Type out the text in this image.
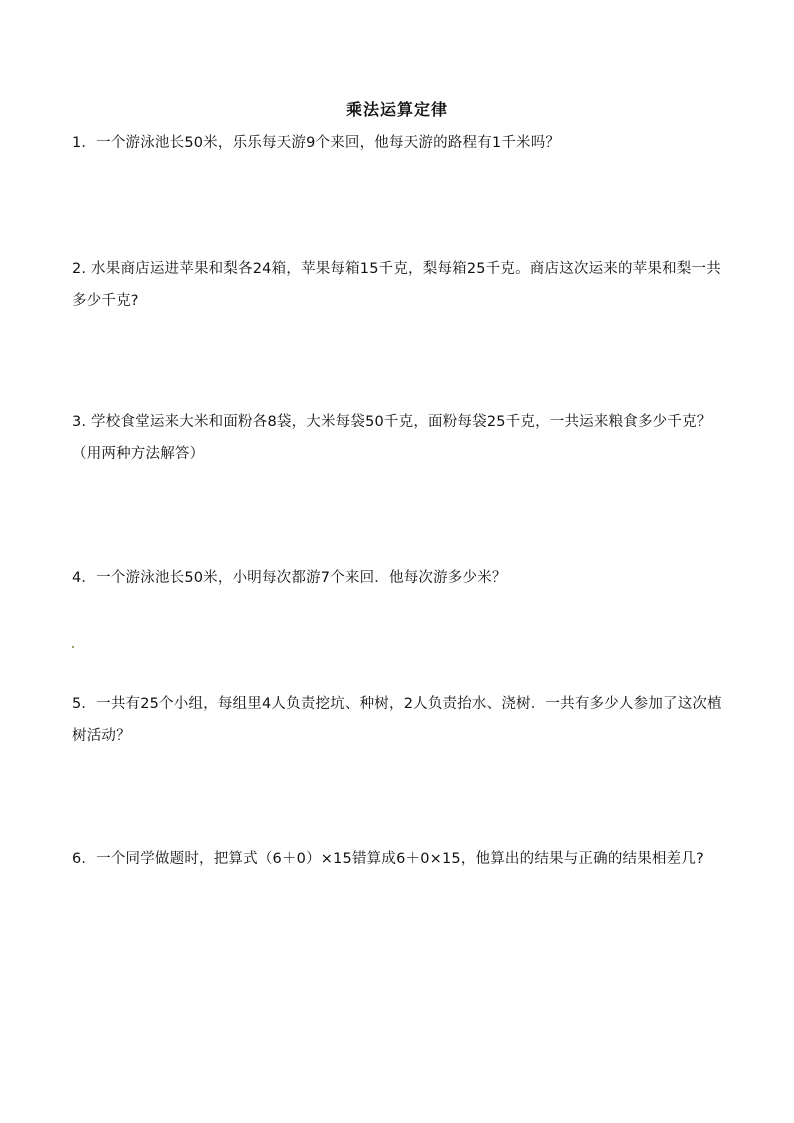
乘法运算定律
1．一个游泳池长50米，乐乐每天游9个来回，他每天游的路程有1千米吗？
2. 水果商店运进苹果和梨各24箱，苹果每箱15千克，梨每箱25千克。商店这次运来的苹果和梨一共多少千克?
3. 学校食堂运来大米和面粉各8袋，大米每袋50千克，面粉每袋25千克，一共运来粮食多少千克？（用两种方法解答）
4．一个游泳池长50米，小明每次都游7个来回．他每次游多少米？
5．一共有25个小组，每组里4人负责挖坑、种树，2人负责抬水、浇树．一共有多少人参加了这次植树活动？
6．一个同学做题时，把算式（6＋0）×15错算成6＋0×15，他算出的结果与正确的结果相差几?
